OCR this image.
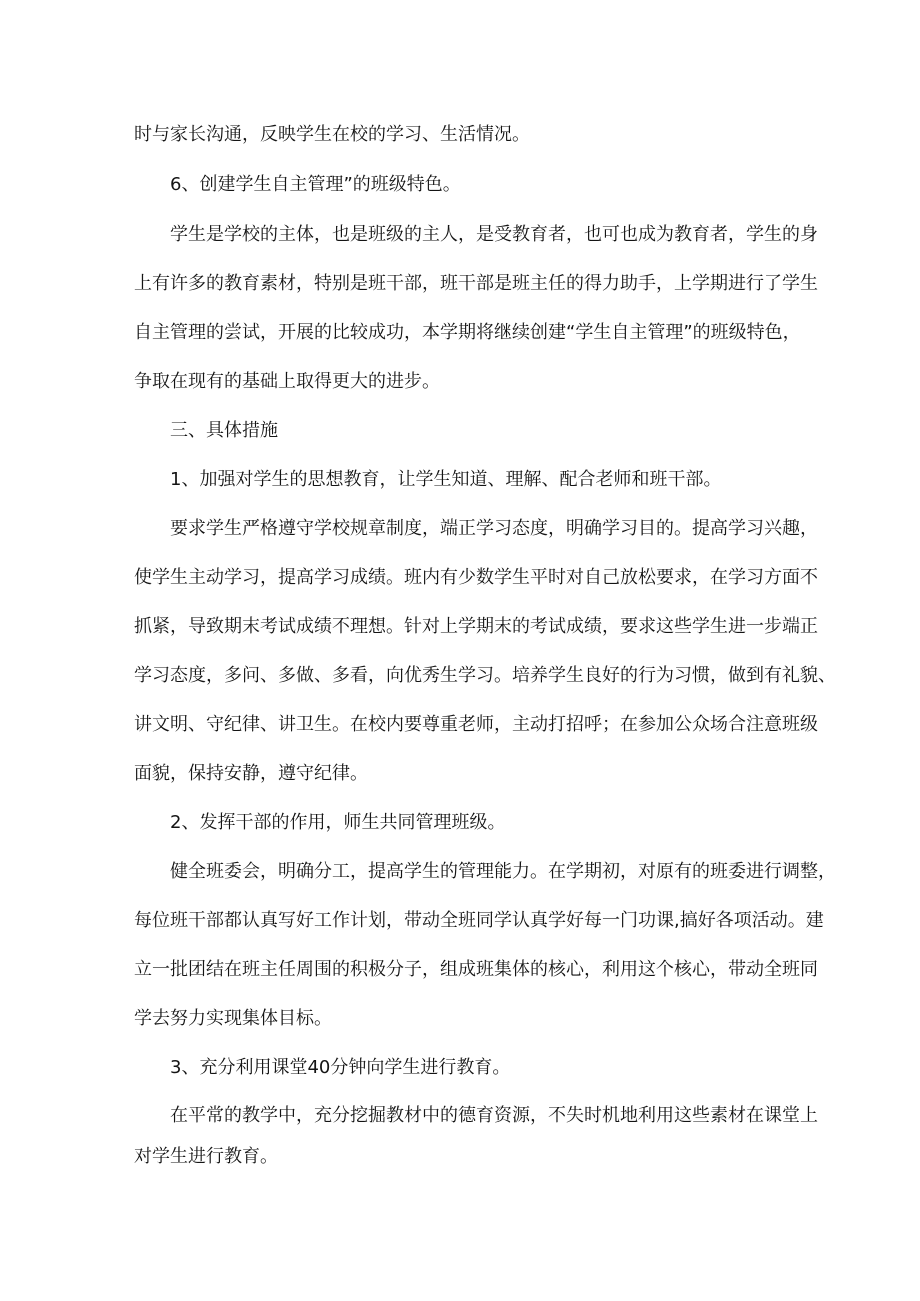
时与家长沟通，反映学生在校的学习、生活情况。

6、创建学生自主管理”的班级特色。

学生是学校的主体，也是班级的主人，是受教育者，也可也成为教育者，学生的身

上有许多的教育素材，特别是班干部，班干部是班主任的得力助手，上学期进行了学生

自主管理的尝试，开展的比较成功，本学期将继续创建“学生自主管理”的班级特色，

争取在现有的基础上取得更大的进步。

三、具体措施

1、加强对学生的思想教育，让学生知道、理解、配合老师和班干部。

要求学生严格遵守学校规章制度，端正学习态度，明确学习目的。提高学习兴趣，

使学生主动学习，提高学习成绩。班内有少数学生平时对自己放松要求，在学习方面不

抓紧，导致期末考试成绩不理想。针对上学期末的考试成绩，要求这些学生进一步端正

学习态度，多问、多做、多看，向优秀生学习。培养学生良好的行为习惯，做到有礼貌、

讲文明、守纪律、讲卫生。在校内要尊重老师，主动打招呼；在参加公众场合注意班级

面貌，保持安静，遵守纪律。

2、发挥干部的作用，师生共同管理班级。

健全班委会，明确分工，提高学生的管理能力。在学期初，对原有的班委进行调整，

每位班干部都认真写好工作计划，带动全班同学认真学好每一门功课,搞好各项活动。建

立一批团结在班主任周围的积极分子，组成班集体的核心，利用这个核心，带动全班同

学去努力实现集体目标。

3、充分利用课堂40分钟向学生进行教育。

在平常的教学中，充分挖掘教材中的德育资源，不失时机地利用这些素材在课堂上

对学生进行教育。
